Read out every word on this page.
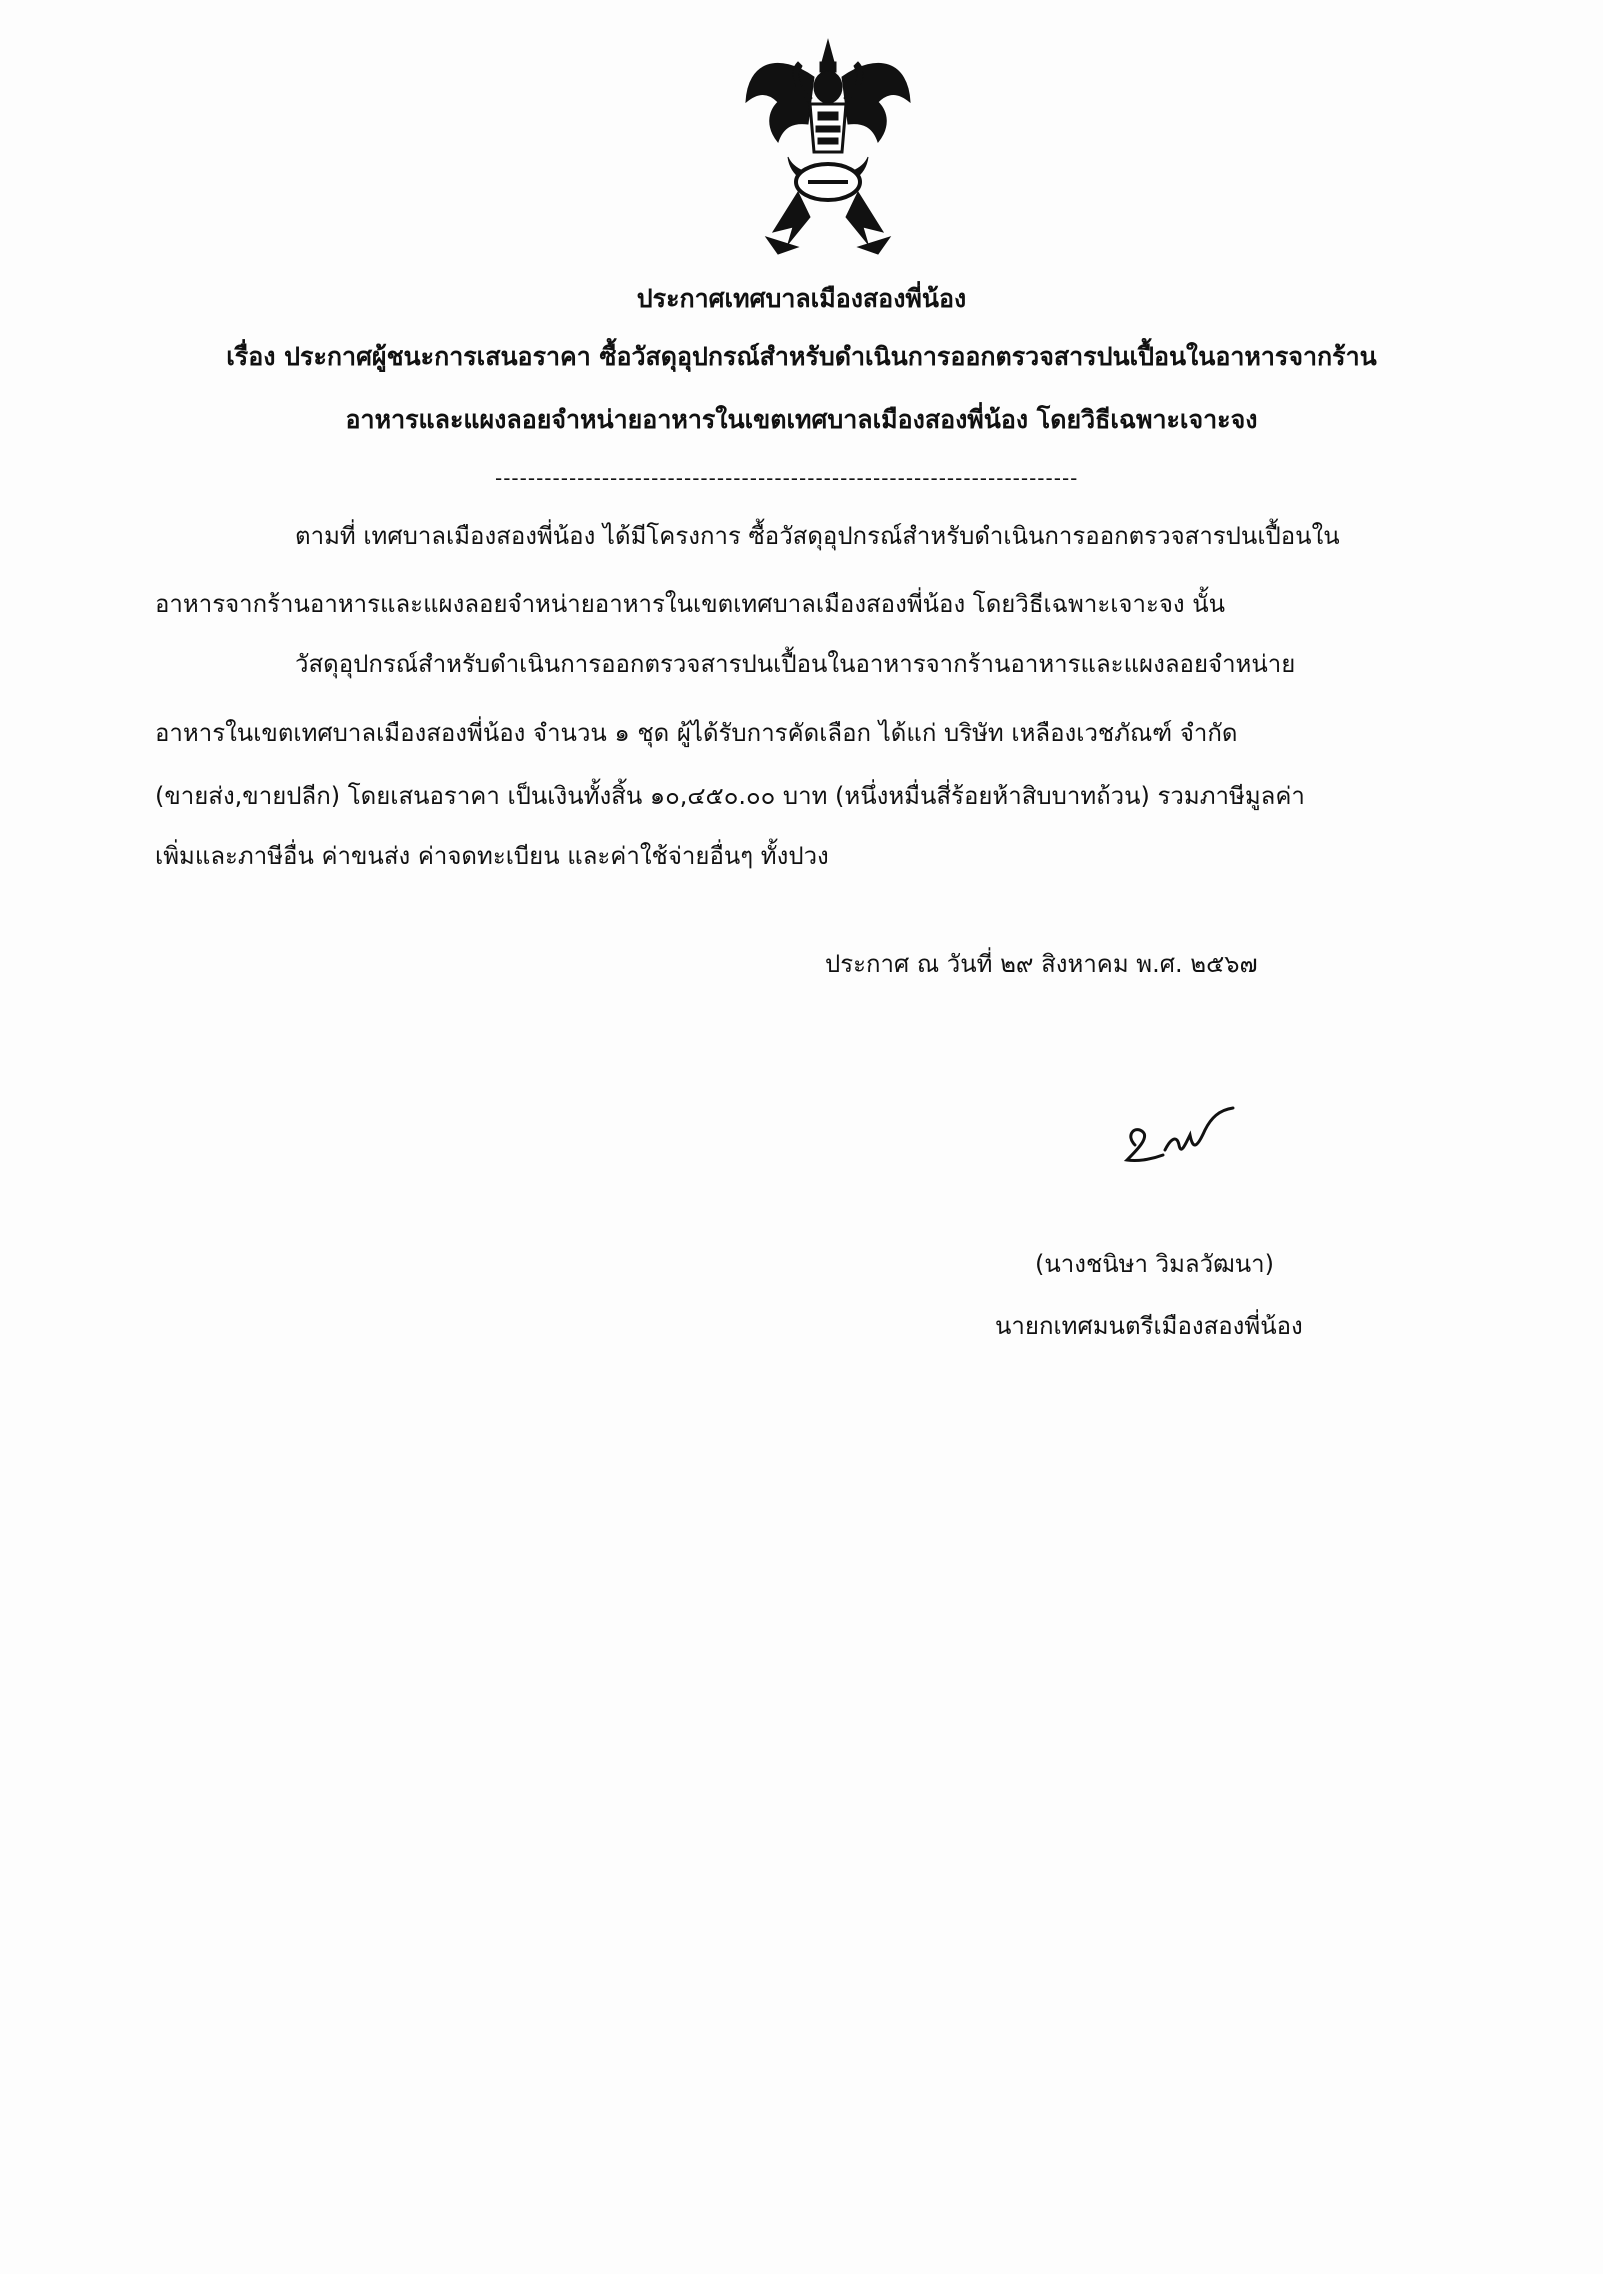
ประกาศเทศบาลเมืองสองพี่น้อง
เรื่อง ประกาศผู้ชนะการเสนอราคา ซื้อวัสดุอุปกรณ์สำหรับดำเนินการออกตรวจสารปนเปื้อนในอาหารจากร้าน
อาหารและแผงลอยจำหน่ายอาหารในเขตเทศบาลเมืองสองพี่น้อง โดยวิธีเฉพาะเจาะจง
-----------------------------------------------------------------------
ตามที่ เทศบาลเมืองสองพี่น้อง ได้มีโครงการ ซื้อวัสดุอุปกรณ์สำหรับดำเนินการออกตรวจสารปนเปื้อนใน
อาหารจากร้านอาหารและแผงลอยจำหน่ายอาหารในเขตเทศบาลเมืองสองพี่น้อง โดยวิธีเฉพาะเจาะจง นั้น
วัสดุอุปกรณ์สำหรับดำเนินการออกตรวจสารปนเปื้อนในอาหารจากร้านอาหารและแผงลอยจำหน่าย
อาหารในเขตเทศบาลเมืองสองพี่น้อง จำนวน ๑ ชุด ผู้ได้รับการคัดเลือก ได้แก่ บริษัท เหลืองเวชภัณฑ์ จำกัด
(ขายส่ง,ขายปลีก) โดยเสนอราคา เป็นเงินทั้งสิ้น ๑๐,๔๕๐.๐๐ บาท (หนึ่งหมื่นสี่ร้อยห้าสิบบาทถ้วน) รวมภาษีมูลค่า
เพิ่มและภาษีอื่น ค่าขนส่ง ค่าจดทะเบียน และค่าใช้จ่ายอื่นๆ ทั้งปวง
ประกาศ ณ วันที่ ๒๙ สิงหาคม พ.ศ. ๒๕๖๗
(นางชนิษา วิมลวัฒนา)
นายกเทศมนตรีเมืองสองพี่น้อง
